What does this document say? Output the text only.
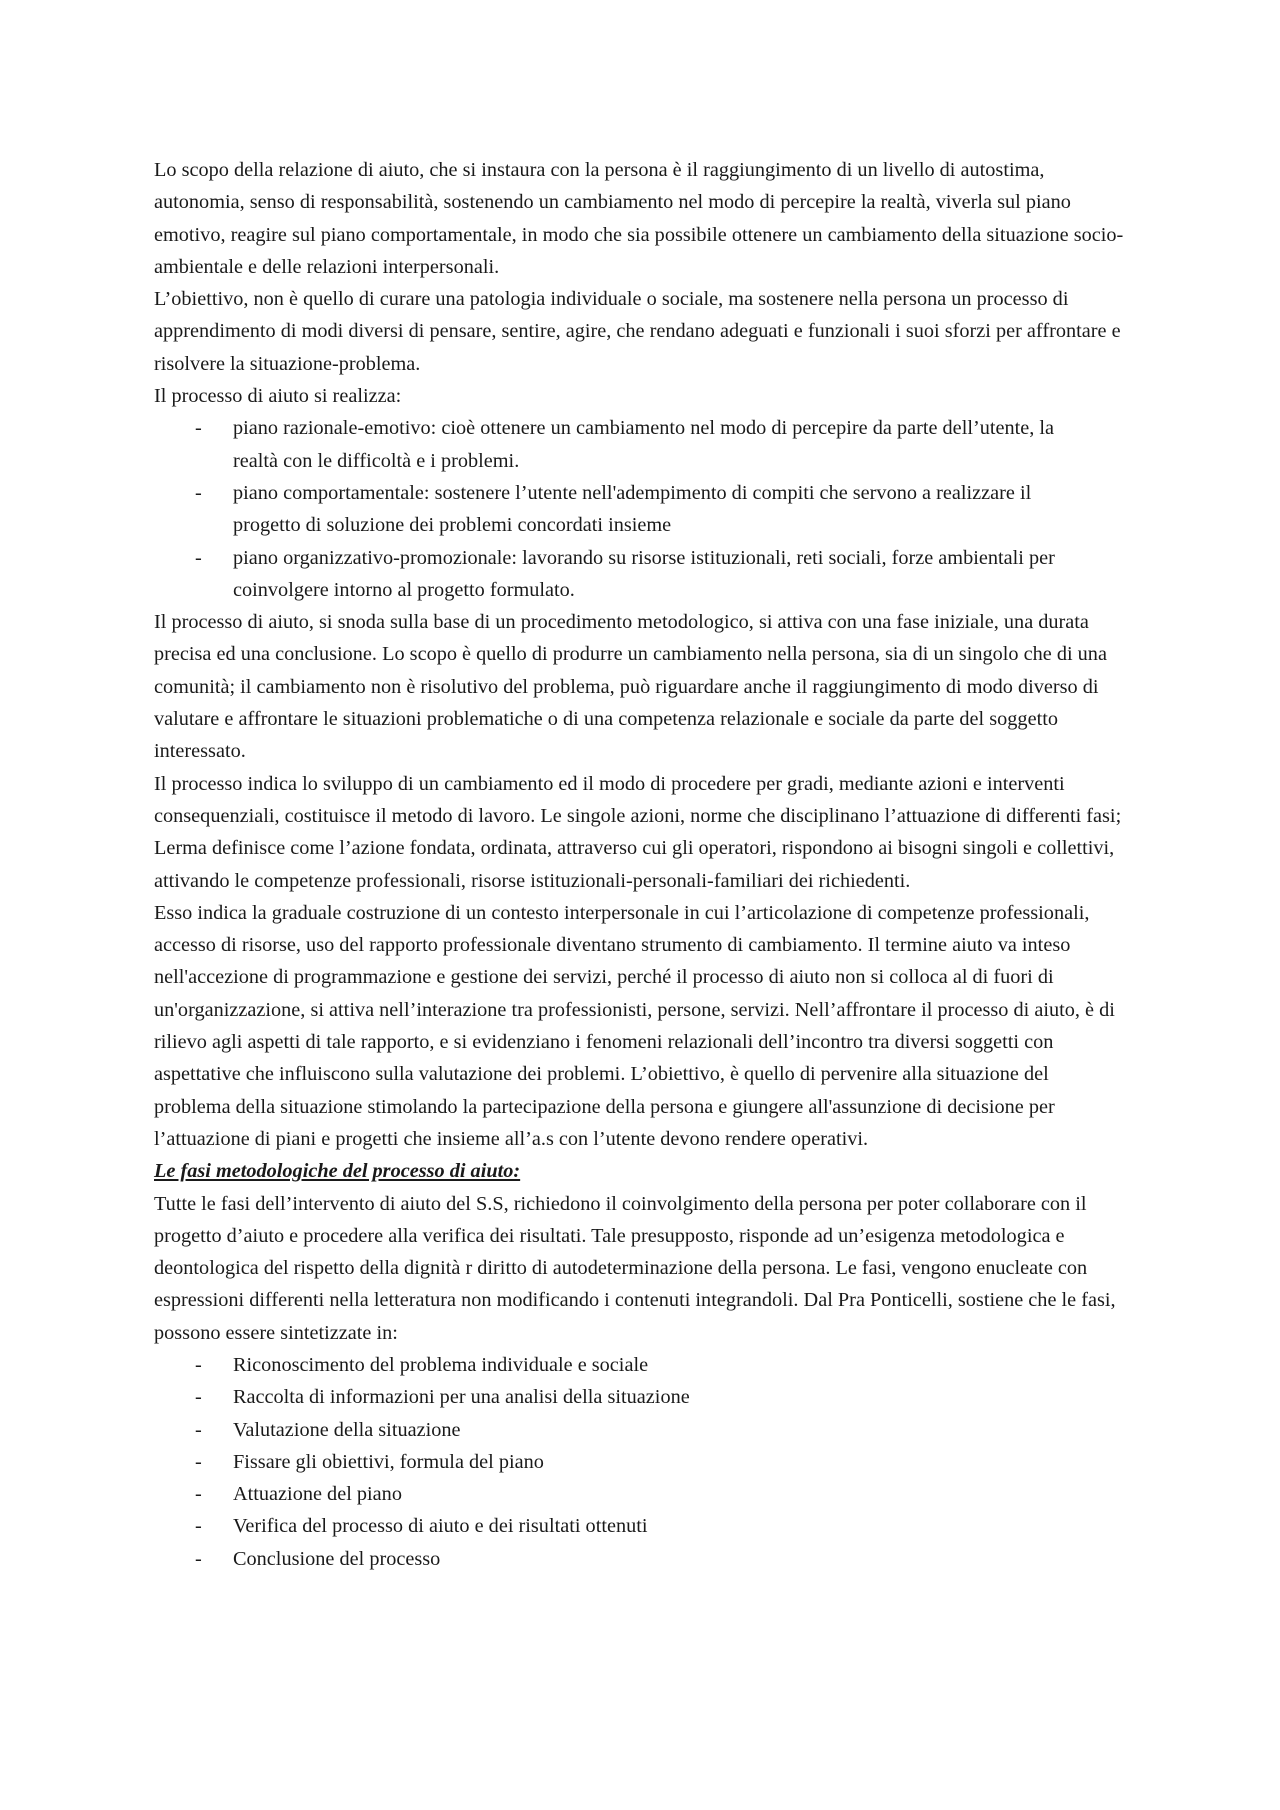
Lo scopo della relazione di aiuto, che si instaura con la persona è il raggiungimento di un livello di autostima, autonomia, senso di responsabilità, sostenendo un cambiamento nel modo di percepire la realtà, viverla sul piano emotivo, reagire sul piano comportamentale, in modo che sia possibile ottenere un cambiamento della situazione socio-ambientale e delle relazioni interpersonali.

L’obiettivo, non è quello di curare una patologia individuale o sociale, ma sostenere nella persona un processo di apprendimento di modi diversi di pensare, sentire, agire, che rendano adeguati e funzionali i suoi sforzi per affrontare e risolvere la situazione-problema.

Il processo di aiuto si realizza:

- piano razionale-emotivo: cioè ottenere un cambiamento nel modo di percepire da parte dell’utente, la realtà con le difficoltà e i problemi.
- piano comportamentale: sostenere l’utente nell'adempimento di compiti che servono a realizzare il progetto di soluzione dei problemi concordati insieme
- piano organizzativo-promozionale: lavorando su risorse istituzionali, reti sociali, forze ambientali per coinvolgere intorno al progetto formulato.

Il processo di aiuto, si snoda sulla base di un procedimento metodologico, si attiva con una fase iniziale, una durata precisa ed una conclusione. Lo scopo è quello di produrre un cambiamento nella persona, sia di un singolo che di una comunità; il cambiamento non è risolutivo del problema, può riguardare anche il raggiungimento di modo diverso di valutare e affrontare le situazioni problematiche o di una competenza relazionale e sociale da parte del soggetto interessato.

Il processo indica lo sviluppo di un cambiamento ed il modo di procedere per gradi, mediante azioni e interventi consequenziali, costituisce il metodo di lavoro. Le singole azioni, norme che disciplinano l’attuazione di differenti fasi; Lerma definisce come l’azione fondata, ordinata, attraverso cui gli operatori, rispondono ai bisogni singoli e collettivi, attivando le competenze professionali, risorse istituzionali-personali-familiari dei richiedenti.

Esso indica la graduale costruzione di un contesto interpersonale in cui l’articolazione di competenze professionali, accesso di risorse, uso del rapporto professionale diventano strumento di cambiamento. Il termine aiuto va inteso nell'accezione di programmazione e gestione dei servizi, perché il processo di aiuto non si colloca al di fuori di un'organizzazione, si attiva nell’interazione tra professionisti, persone, servizi. Nell’affrontare il processo di aiuto, è di rilievo agli aspetti di tale rapporto, e si evidenziano i fenomeni relazionali dell’incontro tra diversi soggetti con aspettative che influiscono sulla valutazione dei problemi. L’obiettivo, è quello di pervenire alla situazione del problema della situazione stimolando la partecipazione della persona e giungere all'assunzione di decisione per l’attuazione di piani e progetti che insieme all’a.s con l’utente devono rendere operativi.

Le fasi metodologiche del processo di aiuto:

Tutte le fasi dell’intervento di aiuto del S.S, richiedono il coinvolgimento della persona per poter collaborare con il progetto d’aiuto e procedere alla verifica dei risultati. Tale presupposto, risponde ad un’esigenza metodologica e deontologica del rispetto della dignità r diritto di autodeterminazione della persona. Le fasi, vengono enucleate con espressioni differenti nella letteratura non modificando i contenuti integrandoli. Dal Pra Ponticelli, sostiene che le fasi, possono essere sintetizzate in:

- Riconoscimento del problema individuale e sociale
- Raccolta di informazioni per una analisi della situazione
- Valutazione della situazione
- Fissare gli obiettivi, formula del piano
- Attuazione del piano
- Verifica del processo di aiuto e dei risultati ottenuti
- Conclusione del processo
